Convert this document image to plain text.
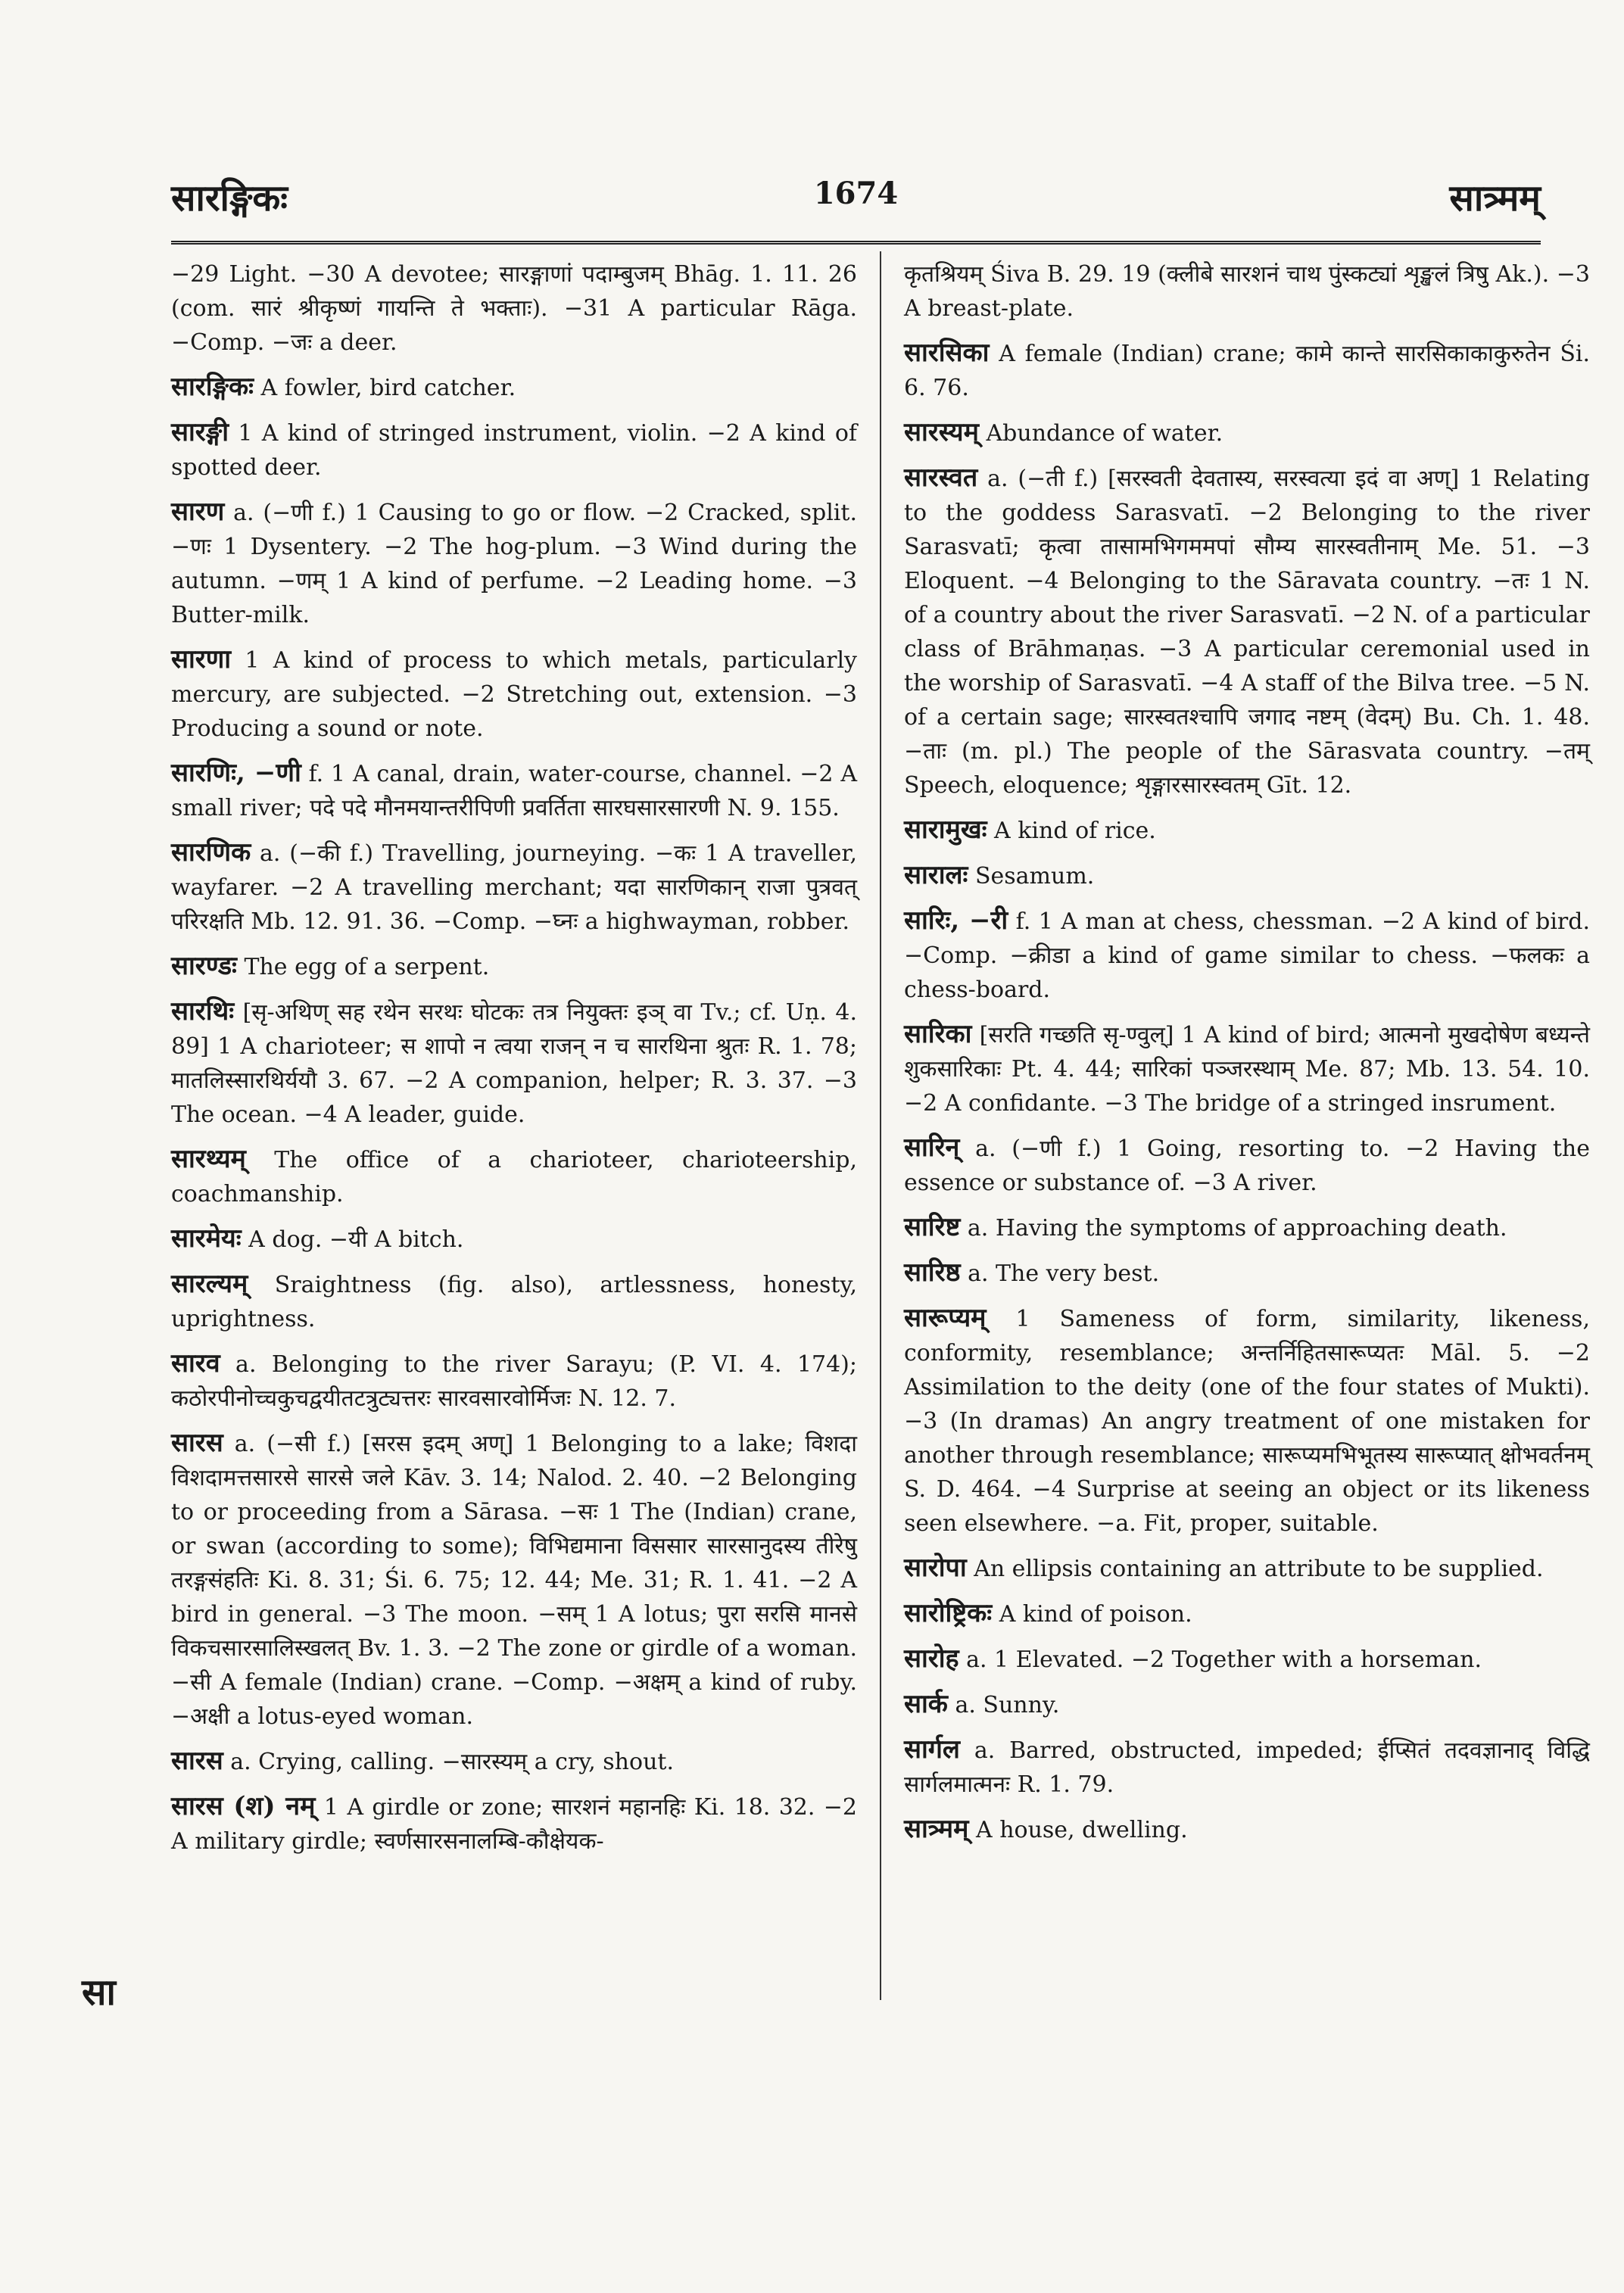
सारङ्गिकः	1674	सात्र्मम्

−29 Light. −30 A devotee; सारङ्गाणां पदाम्बुजम् Bhāg. 1. 11. 26 (com. सारं श्रीकृष्णं गायन्ति ते भक्ताः). −31 A particular Rāga. −Comp. −जः a deer.

सारङ्गिकः A fowler, bird catcher.

सारङ्गी 1 A kind of stringed instrument, violin. −2 A kind of spotted deer.

सारण a. (−णी f.) 1 Causing to go or flow. −2 Cracked, split. −णः 1 Dysentery. −2 The hog-plum. −3 Wind during the autumn. −णम् 1 A kind of perfume. −2 Leading home. −3 Butter-milk.

सारणा 1 A kind of process to which metals, particularly mercury, are subjected. −2 Stretching out, extension. −3 Producing a sound or note.

सारणिः, −णी f. 1 A canal, drain, water-course, channel. −2 A small river; पदे पदे मौनमयान्तरीपिणी प्रवर्तिता सारघसारसारणी N. 9. 155.

सारणिक a. (−की f.) Travelling, journeying. −कः 1 A traveller, wayfarer. −2 A travelling merchant; यदा सारणिकान् राजा पुत्रवत् परिरक्षति Mb. 12. 91. 36. −Comp. −घ्नः a highwayman, robber.

सारण्डः The egg of a serpent.

सारथिः [सृ-अथिण् सह रथेन सरथः घोटकः तत्र नियुक्तः इञ् वा Tv.; cf. Uṇ. 4. 89] 1 A charioteer; स शापो न त्वया राजन् न च सारथिना श्रुतः R. 1. 78; मातलिस्सारथिर्ययौ 3. 67. −2 A companion, helper; R. 3. 37. −3 The ocean. −4 A leader, guide.

सारथ्यम् The office of a charioteer, charioteership, coachmanship.

सारमेयः A dog. −यी A bitch.

सारल्यम् Sraightness (fig. also), artlessness, honesty, uprightness.

सारव a. Belonging to the river Sarayu; (P. VI. 4. 174); कठोरपीनोच्चकुचद्वयीतटत्रुट्यत्तरः सारवसारवोर्मिजः N. 12. 7.

सारस a. (−सी f.) [सरस इदम् अण्] 1 Belonging to a lake; विशदा विशदामत्तसारसे सारसे जले Kāv. 3. 14; Nalod. 2. 40. −2 Belonging to or proceeding from a Sārasa. −सः 1 The (Indian) crane, or swan (according to some); विभिद्यमाना विससार सारसानुदस्य तीरेषु तरङ्गसंहतिः Ki. 8. 31; Śi. 6. 75; 12. 44; Me. 31; R. 1. 41. −2 A bird in general. −3 The moon. −सम् 1 A lotus; पुरा सरसि मानसे विकचसारसालिस्खलत् Bv. 1. 3. −2 The zone or girdle of a woman. −सी A female (Indian) crane. −Comp. −अक्षम् a kind of ruby. −अक्षी a lotus-eyed woman.

सारस a. Crying, calling. −सारस्यम् a cry, shout.

सारस (श) नम् 1 A girdle or zone; सारशनं महानहिः Ki. 18. 32. −2 A military girdle; स्वर्णसारसनालम्बि-कौक्षेयक-

कृतश्रियम् Śiva B. 29. 19 (क्लीबे सारशनं चाथ पुंस्कट्यां शृङ्खलं त्रिषु Ak.). −3 A breast-plate.

सारसिका A female (Indian) crane; कामे कान्ते सारसिकाकाकुरुतेन Śi. 6. 76.

सारस्यम् Abundance of water.

सारस्वत a. (−ती f.) [सरस्वती देवतास्य, सरस्वत्या इदं वा अण्] 1 Relating to the goddess Sarasvatī. −2 Belonging to the river Sarasvatī; कृत्वा तासामभिगममपां सौम्य सारस्वतीनाम् Me. 51. −3 Eloquent. −4 Belonging to the Sāravata country. −तः 1 N. of a country about the river Sarasvatī. −2 N. of a particular class of Brāhmaṇas. −3 A particular ceremonial used in the worship of Sarasvatī. −4 A staff of the Bilva tree. −5 N. of a certain sage; सारस्वतश्चापि जगाद नष्टम् (वेदम्) Bu. Ch. 1. 48. −ताः (m. pl.) The people of the Sārasvata country. −तम् Speech, eloquence; शृङ्गारसारस्वतम् Gīt. 12.

सारामुखः A kind of rice.

सारालः Sesamum.

सारिः, −री f. 1 A man at chess, chessman. −2 A kind of bird. −Comp. −क्रीडा a kind of game similar to chess. −फलकः a chess-board.

सारिका [सरति गच्छति सृ-ण्वुल्] 1 A kind of bird; आत्मनो मुखदोषेण बध्यन्ते शुकसारिकाः Pt. 4. 44; सारिकां पञ्जरस्थाम् Me. 87; Mb. 13. 54. 10. −2 A confidante. −3 The bridge of a stringed insrument.

सारिन् a. (−णी f.) 1 Going, resorting to. −2 Having the essence or substance of. −3 A river.

सारिष्ट a. Having the symptoms of approaching death.

सारिष्ठ a. The very best.

सारूप्यम् 1 Sameness of form, similarity, likeness, conformity, resemblance; अन्तर्निहितसारूप्यतः Māl. 5. −2 Assimilation to the deity (one of the four states of Mukti). −3 (In dramas) An angry treatment of one mistaken for another through resemblance; सारूप्यमभिभूतस्य सारूप्यात् क्षोभवर्तनम् S. D. 464. −4 Surprise at seeing an object or its likeness seen elsewhere. −a. Fit, proper, suitable.

सारोपा An ellipsis containing an attribute to be supplied.

सारोष्ट्रिकः A kind of poison.

सारोह a. 1 Elevated. −2 Together with a horseman.

सार्क a. Sunny.

सार्गल a. Barred, obstructed, impeded; ईप्सितं तदवज्ञानाद् विद्धि सार्गलमात्मनः R. 1. 79.

सात्र्मम् A house, dwelling.

सा
